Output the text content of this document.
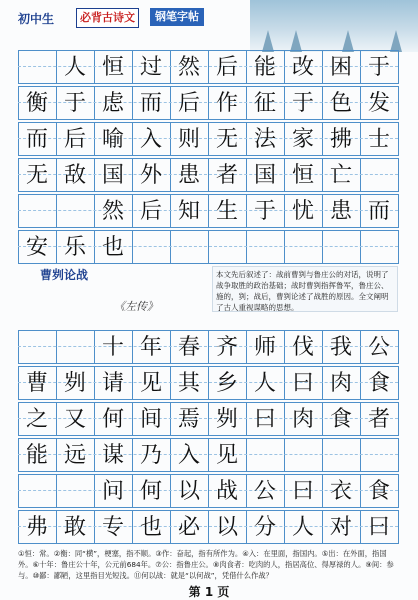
初中生	必背古诗文	钢笔字帖
人 恒 过 然 后 能 改 困 于
衡 于 虑 而 后 作 征 于 色 发
而 后 喻 入 则 无 法 家 拂 士
无 敌 国 外 患 者 国 恒 亡
然 后 知 生 于 忧 患 而
安 乐 也
曹刿论战
《左传》
本文先后叙述了：战前曹刿与鲁庄公的对话，说明了战争取胜的政治基础；战时曹刿指挥鲁军，鲁庄公、施的，刿；战后，曹刿论述了战胜的原因。全文阐明了古人重视谋略的思想。
十 年 春 齐 师 伐 我 公
曹 刿 请 见 其 乡 人 曰 肉 食
之 又 何 间 焉 刿 曰 肉 食 者
能 远 谋 乃 入 见
问 何 以 战 公 曰 衣 食
弗 敢 专 也 必 以 分 人 对 曰
①恒：常。②衡：同“横”，梗塞，指不顺。③作：奋起，指有所作为。④入：在里面，指国内。⑤出：在外面，指国外。⑥十年：鲁庄公十年，公元前684年。⑦公：指鲁庄公。⑧肉食者：吃肉的人，指居高位、得厚禄的人。⑨间：参与。⑩鄙：鄙陋，这里指目光短浅。⑪何以战：就是“以何战”，凭借什么作战？
第 1 页
